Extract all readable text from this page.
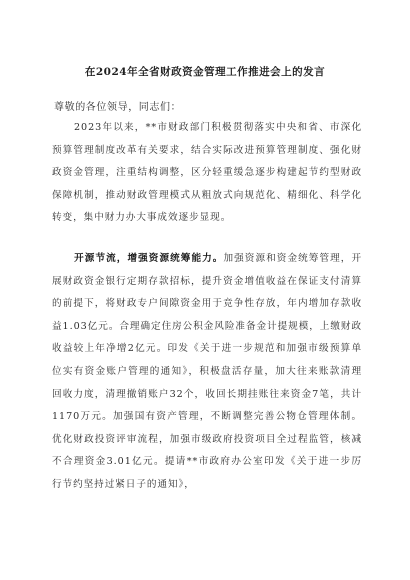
在2024年全省财政资金管理工作推进会上的发言
尊敬的各位领导，同志们：
2023年以来，**市财政部门积极贯彻落实中央和省、市深化预算管理制度改革有关要求，结合实际改进预算管理制度、强化财政资金管理，注重结构调整，区分轻重缓急逐步构建起节约型财政保障机制，推动财政管理模式从粗放式向规范化、精细化、科学化转变，集中财力办大事成效逐步显现。
开源节流，增强资源统筹能力。加强资源和资金统筹管理，开展财政资金银行定期存款招标，提升资金增值收益在保证支付清算的前提下，将财政专户间隙资金用于竞争性存放，年内增加存款收益1.03亿元。合理确定住房公积金风险准备金计提规模，上缴财政收益较上年净增2亿元。印发《关于进一步规范和加强市级预算单位实有资金账户管理的通知》，积极盘活存量，加大往来账款清理回收力度，清理撤销账户32个，收回长期挂账往来资金7笔，共计1170万元。加强国有资产管理，不断调整完善公物仓管理体制。优化财政投资评审流程，加强市级政府投资项目全过程监管，核减不合理资金3.01亿元。提请**市政府办公室印发《关于进一步厉行节约坚持过紧日子的通知》，
